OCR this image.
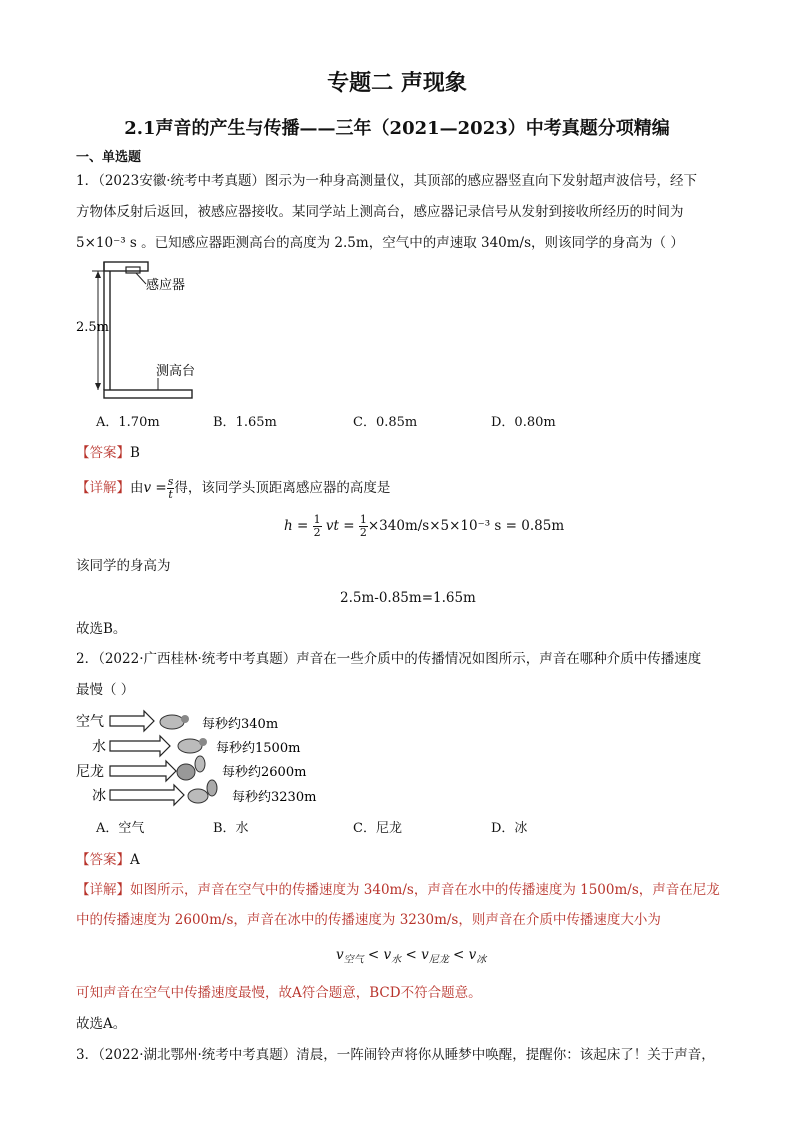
专题二 声现象
2.1声音的产生与传播——三年（2021—2023）中考真题分项精编
一、单选题
1．（2023安徽·统考中考真题）图示为一种身高测量仪，其顶部的感应器竖直向下发射超声波信号，经下
方物体反射后返回，被感应器接收。某同学站上测高台，感应器记录信号从发射到接收所经历的时间为
5×10⁻³ s 。已知感应器距测高台的高度为 2.5m，空气中的声速取 340m/s，则该同学的身高为（ ）
感应器
测高台
2.5m
A．1.70m	B．1.65m	C．0.85m	D．0.80m
【答案】B
【详解】由$v = \frac{s}{t}$ 得，该同学头顶距离感应器的高度是
$h = \frac{1}{2}$ vt = $\frac{1}{2} \times 340m/s\times 5\times 10^{-3}$ s = 0.85m
该同学的身高为
2.5m-0.85m=1.65m
故选B。
2．（2022·广西桂林·统考中考真题）声音在一些介质中的传播情况如图所示，声音在哪种介质中传播速度
最慢（ ）
空气	每秒约340m
水	每秒约1500m
尼龙	每秒约2600m
冰	每秒约3230m
A．空气	B．水	C．尼龙	D．冰
【答案】A
【详解】如图所示，声音在空气中的传播速度为 340m/s，声音在水中的传播速度为 1500m/s，声音在尼龙
中的传播速度为 2600m/s，声音在冰中的传播速度为 3230m/s，则声音在介质中传播速度大小为
$v_{空气} < v_水 < v_{尼龙} < v_冰$
可知声音在空气中传播速度最慢，故A符合题意，BCD不符合题意。
故选A。
3．（2022·湖北鄂州·统考中考真题）清晨，一阵闹铃声将你从睡梦中唤醒，提醒你：该起床了！关于声音，
